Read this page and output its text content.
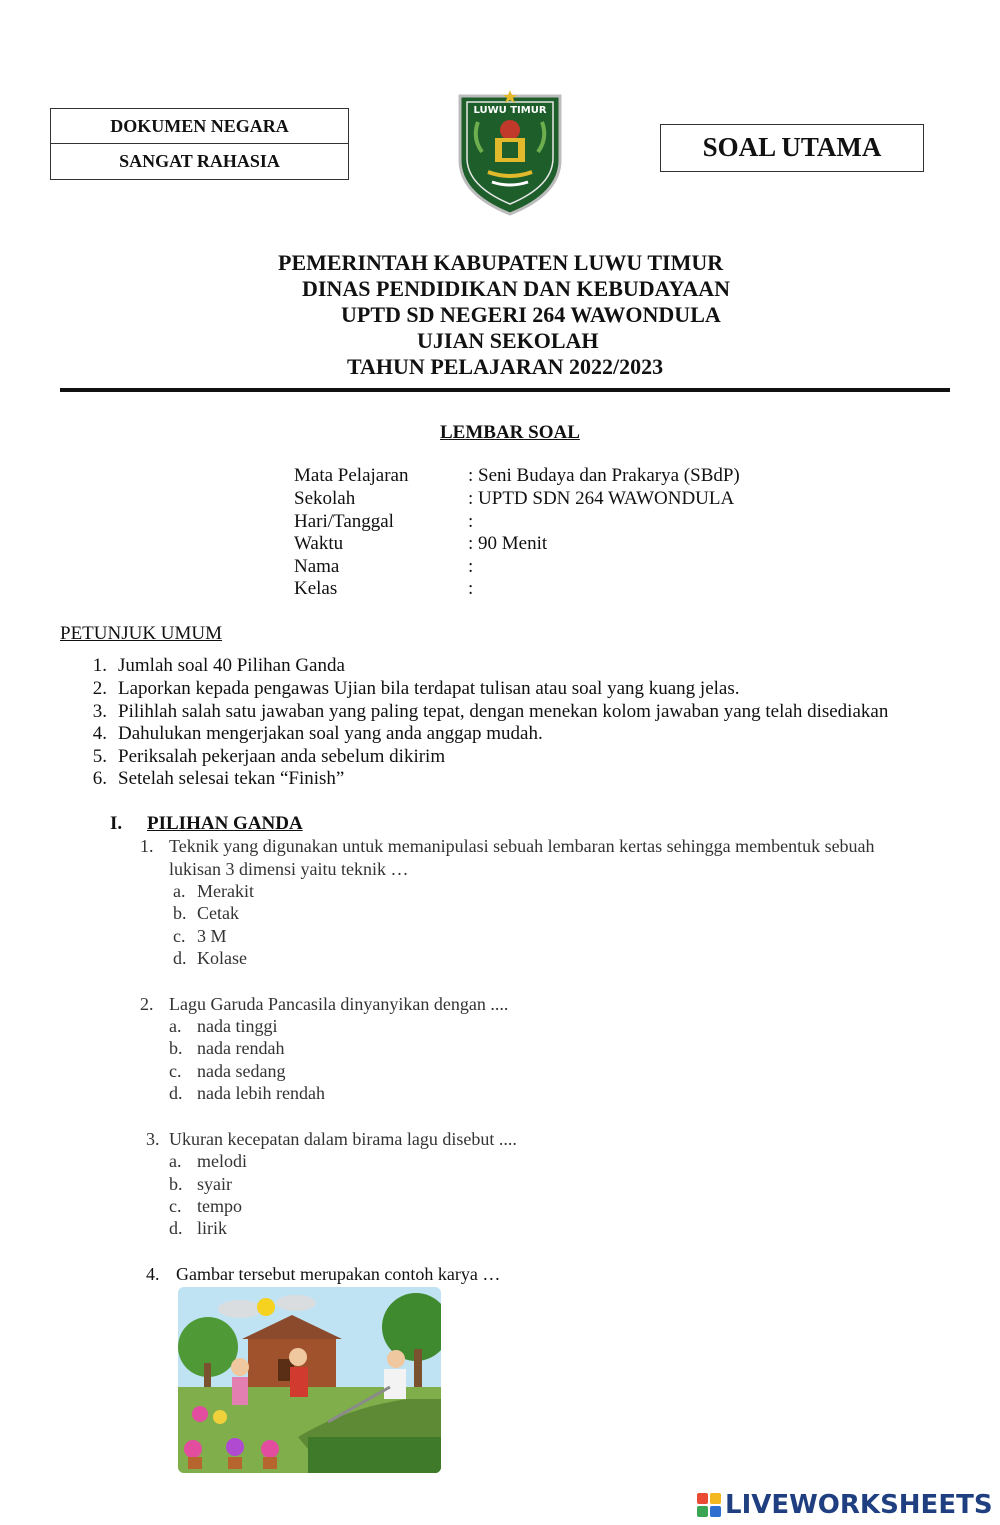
DOKUMEN NEGARA
SANGAT RAHASIA
LUWU TIMUR
SOAL UTAMA
PEMERINTAH KABUPATEN LUWU TIMUR
DINAS PENDIDIKAN DAN KEBUDAYAAN
UPTD SD NEGERI 264 WAWONDULA
UJIAN SEKOLAH
TAHUN PELAJARAN 2022/2023
LEMBAR SOAL
Mata Pelajaran	: Seni Budaya dan Prakarya (SBdP)
Sekolah	: UPTD SDN 264 WAWONDULA
Hari/Tanggal	:
Waktu	: 90 Menit
Nama	:
Kelas	:
PETUNJUK UMUM
1. Jumlah soal 40 Pilihan Ganda
2. Laporkan kepada pengawas Ujian bila terdapat tulisan atau soal yang kuang jelas.
3. Pilihlah salah satu jawaban yang paling tepat, dengan menekan kolom jawaban yang telah disediakan
4. Dahulukan mengerjakan soal yang anda anggap mudah.
5. Periksalah pekerjaan anda sebelum dikirim
6. Setelah selesai tekan “Finish”
I. PILIHAN GANDA
1. Teknik yang digunakan untuk memanipulasi sebuah lembaran kertas sehingga membentuk sebuah
lukisan 3 dimensi yaitu teknik …
a. Merakit
b. Cetak
c. 3 M
d. Kolase
2. Lagu Garuda Pancasila dinyanyikan dengan ....
a. nada tinggi
b. nada rendah
c. nada sedang
d. nada lebih rendah
3. Ukuran kecepatan dalam birama lagu disebut ....
a. melodi
b. syair
c. tempo
d. lirik
4. Gambar tersebut merupakan contoh karya …
LIVEWORKSHEETS
